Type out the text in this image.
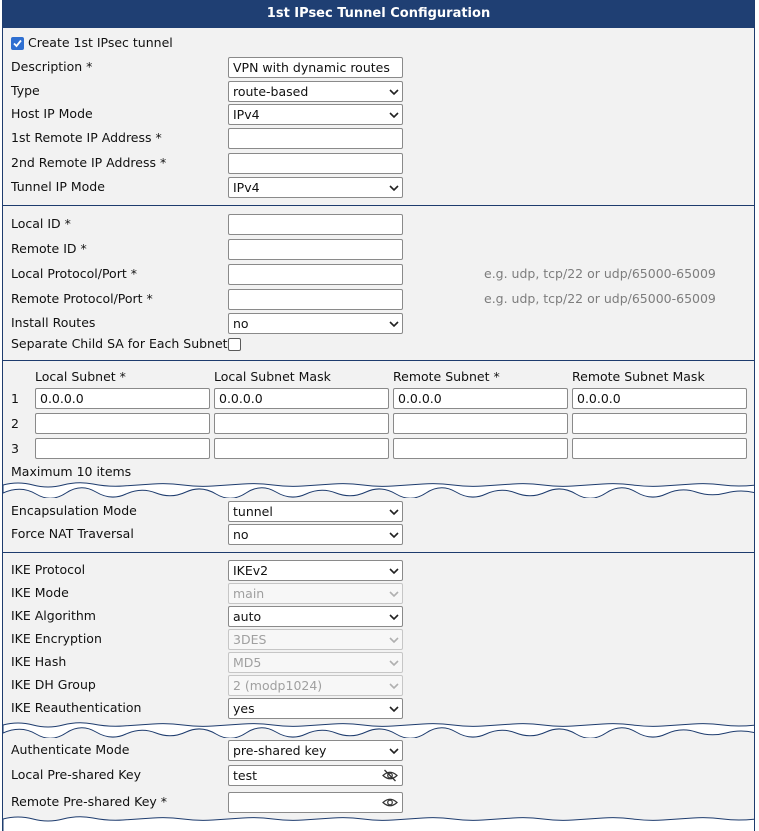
1st IPsec Tunnel Configuration
Create 1st IPsec tunnel
Description *	VPN with dynamic routes
Type	route-based
Host IP Mode	IPv4
1st Remote IP Address *
2nd Remote IP Address *
Tunnel IP Mode	IPv4
Local ID *
Remote ID *
Local Protocol/Port *	e.g. udp, tcp/22 or udp/65000-65009
Remote Protocol/Port *	e.g. udp, tcp/22 or udp/65000-65009
Install Routes	no
Separate Child SA for Each Subnet
Local Subnet *	Local Subnet Mask	Remote Subnet *	Remote Subnet Mask
1	0.0.0.0	0.0.0.0	0.0.0.0	0.0.0.0
2
3
Maximum 10 items
Encapsulation Mode	tunnel
Force NAT Traversal	no
IKE Protocol	IKEv2
IKE Mode	main
IKE Algorithm	auto
IKE Encryption	3DES
IKE Hash	MD5
IKE DH Group	2 (modp1024)
IKE Reauthentication	yes
Authenticate Mode	pre-shared key
Local Pre-shared Key	test
Remote Pre-shared Key *
